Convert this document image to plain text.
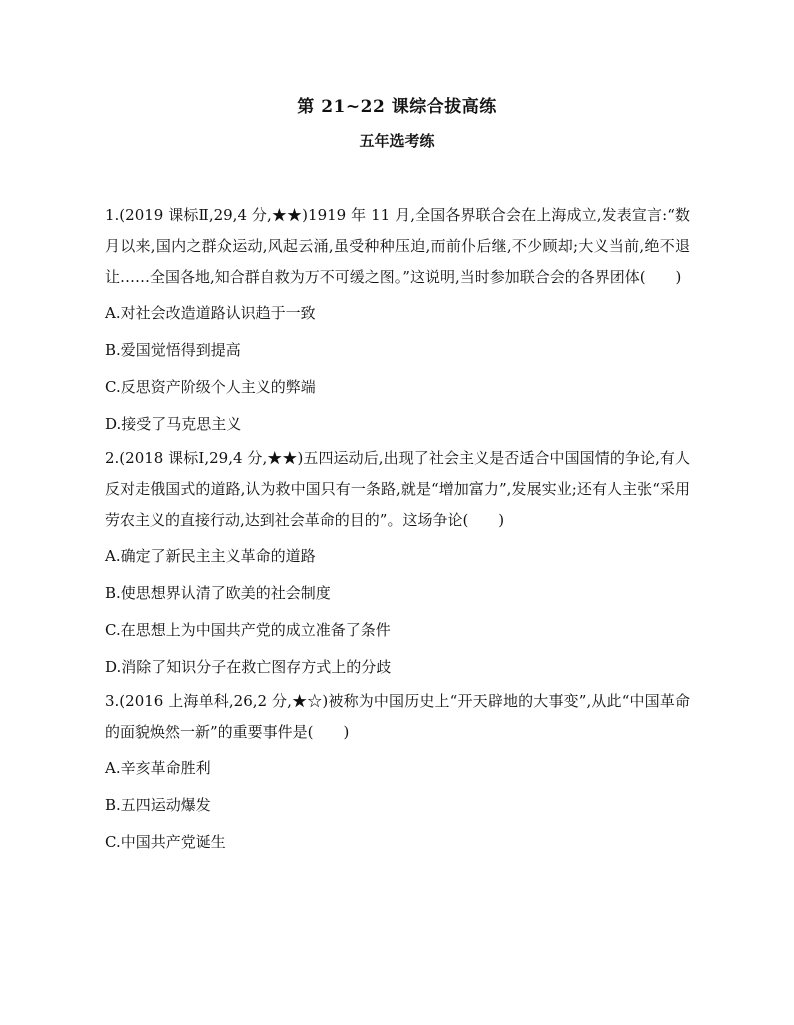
第 21~22 课综合拔高练
五年选考练

1.(2019 课标Ⅱ,29,4 分,★★)1919 年 11 月,全国各界联合会在上海成立,发表宣言:“数月以来,国内之群众运动,风起云涌,虽受种种压迫,而前仆后继,不少顾却;大义当前,绝不退让……全国各地,知合群自救为万不可缓之图。”这说明,当时参加联合会的各界团体(　　)

A.对社会改造道路认识趋于一致

B.爱国觉悟得到提高

C.反思资产阶级个人主义的弊端

D.接受了马克思主义

2.(2018 课标Ⅰ,29,4 分,★★)五四运动后,出现了社会主义是否适合中国国情的争论,有人反对走俄国式的道路,认为救中国只有一条路,就是“增加富力”,发展实业;还有人主张“采用劳农主义的直接行动,达到社会革命的目的”。这场争论(　　)

A.确定了新民主主义革命的道路

B.使思想界认清了欧美的社会制度

C.在思想上为中国共产党的成立准备了条件

D.消除了知识分子在救亡图存方式上的分歧

3.(2016 上海单科,26,2 分,★☆)被称为中国历史上“开天辟地的大事变”,从此“中国革命的面貌焕然一新”的重要事件是(　　)

A.辛亥革命胜利

B.五四运动爆发

C.中国共产党诞生
